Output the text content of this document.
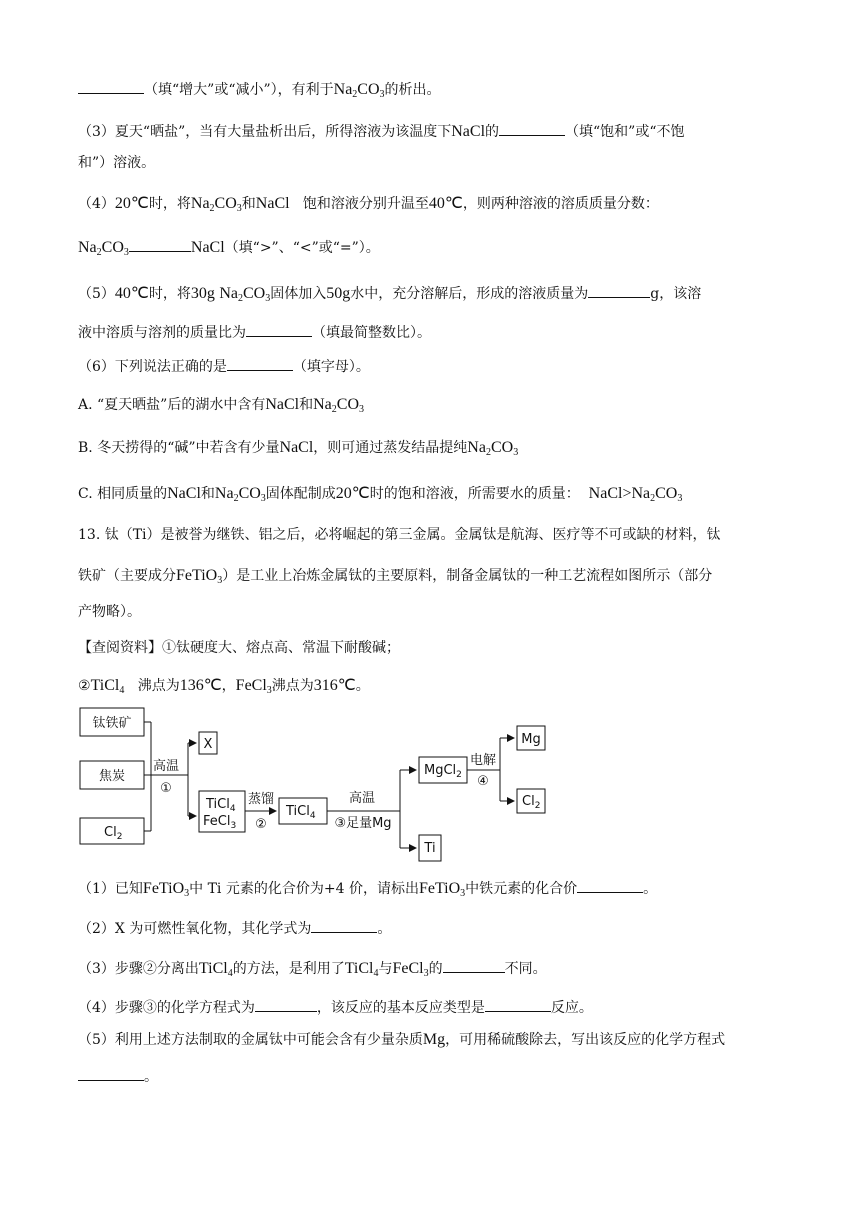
（填“增大”或“减小”），有利于$Na_2CO_3$的析出。
（3）夏天“晒盐”，当有大量盐析出后，所得溶液为该温度下NaCl的	（填“饱和”或“不饱
和”）溶液。
（4）20℃时，将$Na_2CO_3$和NaCl 饱和溶液分别升温至40℃，则两种溶液的溶质质量分数：
$Na_2CO_3$	NaCl（填“>”、“<”或“=”）。
（5）40℃时，将30g $Na_2CO_3$固体加入50g水中，充分溶解后，形成的溶液质量为	g，该溶
液中溶质与溶剂的质量比为	（填最简整数比）。
（6）下列说法正确的是	（填字母）。
A. “夏天晒盐”后的湖水中含有NaCl和$Na_2CO_3$
B. 冬天捞得的“碱”中若含有少量NaCl，则可通过蒸发结晶提纯$Na_2CO_3$
C. 相同质量的NaCl和$Na_2CO_3$固体配制成20℃时的饱和溶液，所需要水的质量： $NaCl>Na_2CO_3$
13. 钛（Ti）是被誉为继铁、铝之后，必将崛起的第三金属。金属钛是航海、医疗等不可或缺的材料，钛
铁矿（主要成分FeTiO$_3$）是工业上冶炼金属钛的主要原料，制备金属钛的一种工艺流程如图所示（部分
产物略）。
【查阅资料】①钛硬度大、熔点高、常温下耐酸碱；
②TiCl$_4$ 沸点为136℃，FeCl$_3$沸点为316℃。
钛铁矿
焦炭
$Cl_2$
高温
①
X
TiCl$_4$
FeCl$_3$
蒸馏
②
TiCl$_4$
高温
③足量Mg
MgCl$_2$
Ti
电解
④
Mg
$Cl_2$
（1）已知FeTiO$_3$中 Ti 元素的化合价为+4 价，请标出FeTiO$_3$中铁元素的化合价	。
（2）X 为可燃性氧化物，其化学式为	。
（3）步骤②分离出TiCl$_4$的方法，是利用了TiCl$_4$与FeCl$_3$的	不同。
（4）步骤③的化学方程式为	，该反应的基本反应类型是	反应。
（5）利用上述方法制取的金属钛中可能会含有少量杂质Mg，可用稀硫酸除去，写出该反应的化学方程式
。
